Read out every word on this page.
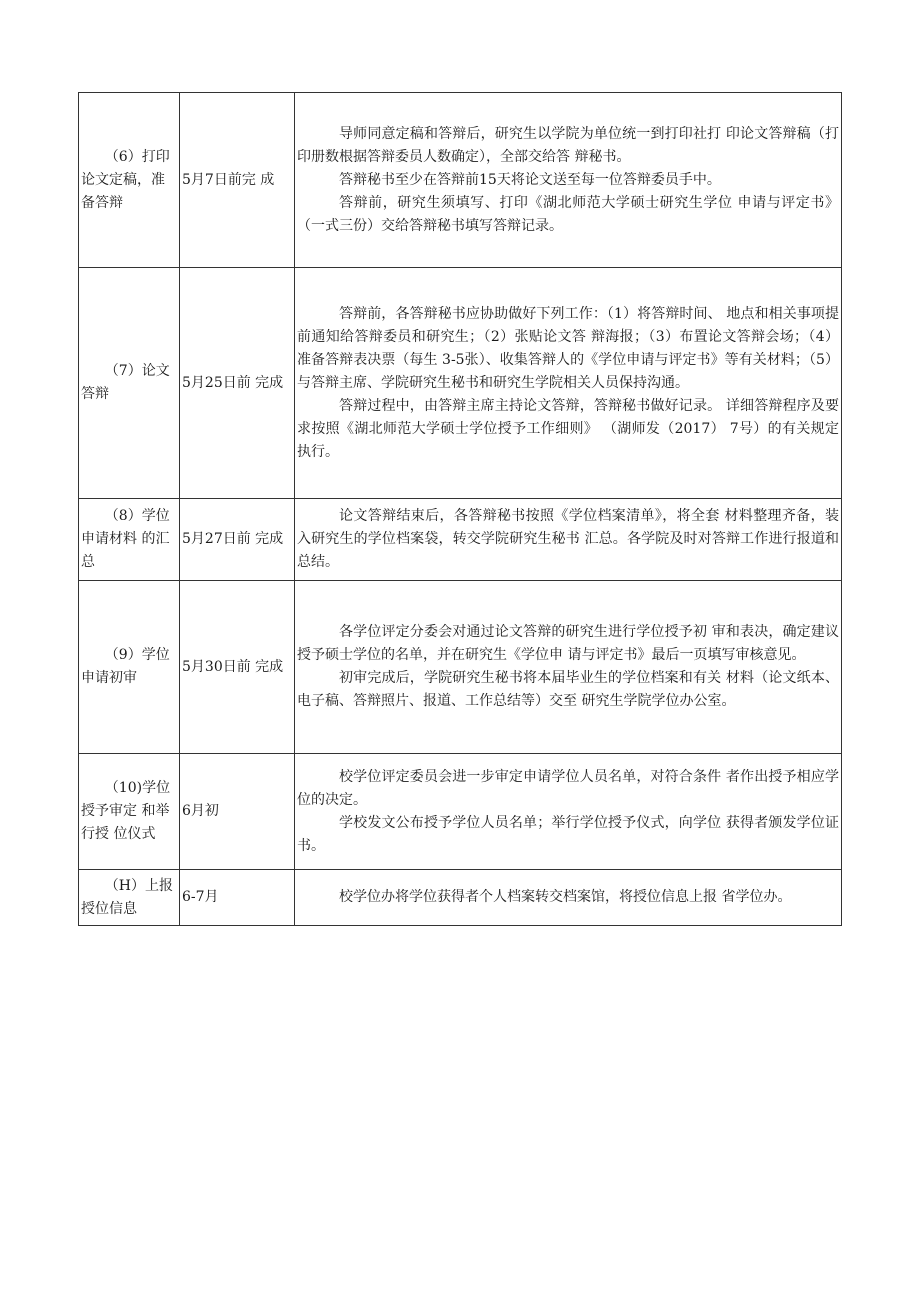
（6）打印论文定稿，准备答辩	5月7日前完 成	导师同意定稿和答辩后，研究生以学院为单位统一到打印社打 印论文答辩稿（打印册数根据答辩委员人数确定），全部交给答 辩秘书。

答辩秘书至少在答辩前15天将论文送至每一位答辩委员手中。

答辩前，研究生须填写、打印《湖北师范大学硕士研究生学位 申请与评定书》（一式三份）交给答辩秘书填写答辩记录。

（7）论文答辩	5月25日前 完成	答辩前，各答辩秘书应协助做好下列工作：（1）将答辩时间、 地点和相关事项提前通知给答辩委员和研究生；（2）张贴论文答 辩海报；（3）布置论文答辩会场；（4）准备答辩表决票（每生 3-5张）、收集答辩人的《学位申请与评定书》等有关材料；（5） 与答辩主席、学院研究生秘书和研究生学院相关人员保持沟通。

答辩过程中，由答辩主席主持论文答辩，答辩秘书做好记录。 详细答辩程序及要求按照《湖北师范大学硕士学位授予工作细则》 （湖师发（2017） 7号）的有关规定执行。

（8）学位申请材料 的汇总	5月27日前 完成	论文答辩结束后，各答辩秘书按照《学位档案清单》，将全套 材料整理齐备，装入研究生的学位档案袋，转交学院研究生秘书 汇总。各学院及时对答辩工作进行报道和总结。

（9）学位申请初审	5月30日前 完成	各学位评定分委会对通过论文答辩的研究生进行学位授予初 审和表决，确定建议授予硕士学位的名单，并在研究生《学位申 请与评定书》最后一页填写审核意见。

初审完成后，学院研究生秘书将本届毕业生的学位档案和有关 材料（论文纸本、电子稿、答辩照片、报道、工作总结等）交至 研究生学院学位办公室。

（10)学位授予审定 和举行授 位仪式	6月初	校学位评定委员会进一步审定申请学位人员名单，对符合条件 者作出授予相应学位的决定。

学校发文公布授予学位人员名单；举行学位授予仪式，向学位 获得者颁发学位证书。

（H）上报授位信息	6-7月	校学位办将学位获得者个人档案转交档案馆，将授位信息上报 省学位办。
